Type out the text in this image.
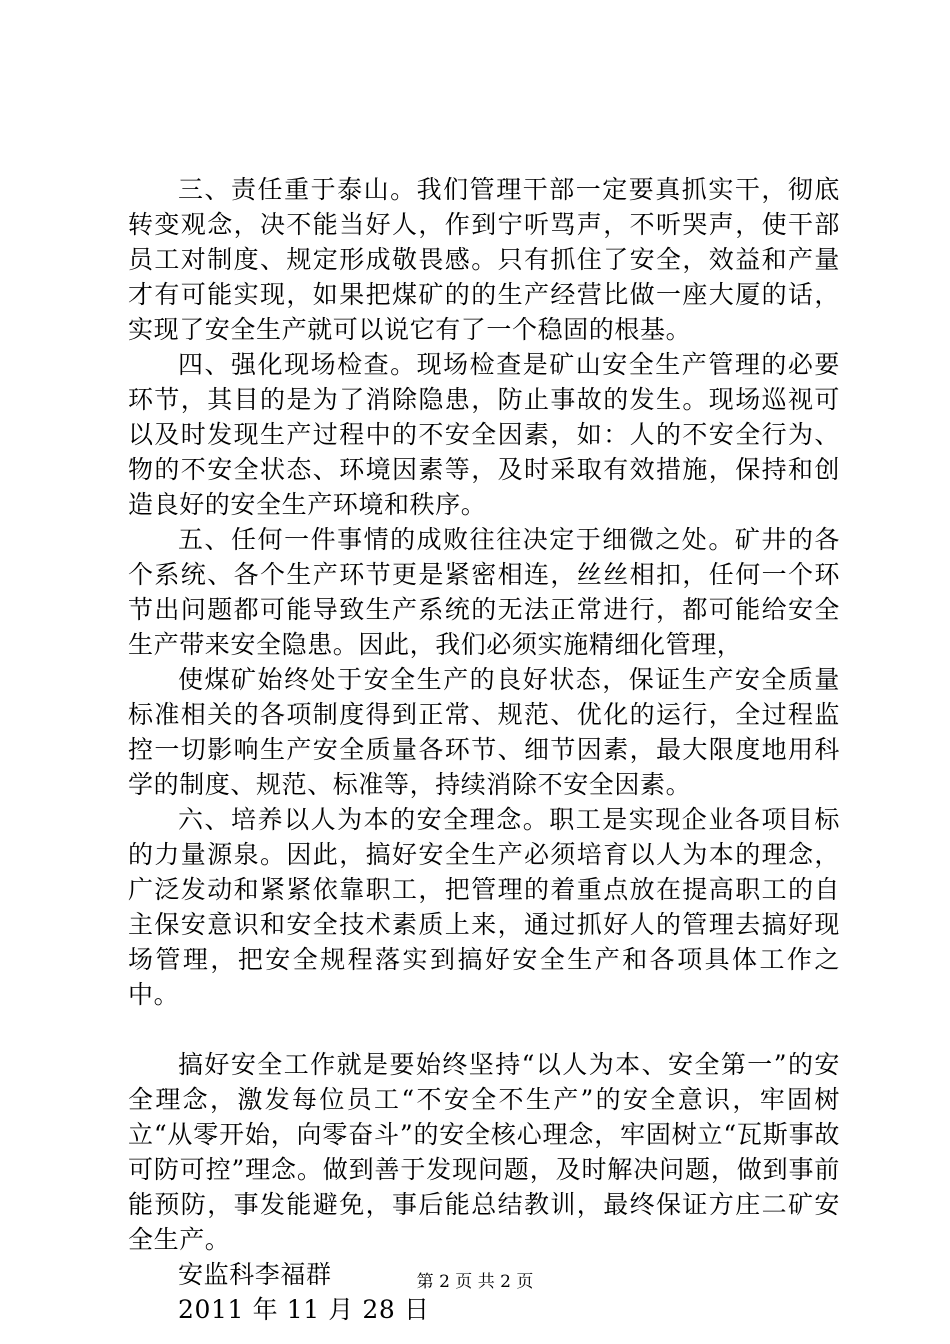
三、责任重于泰山。我们管理干部一定要真抓实干，彻底转变观念，决不能当好人，作到宁听骂声，不听哭声，使干部员工对制度、规定形成敬畏感。只有抓住了安全，效益和产量才有可能实现，如果把煤矿的的生产经营比做一座大厦的话，实现了安全生产就可以说它有了一个稳固的根基。

四、强化现场检查。现场检查是矿山安全生产管理的必要环节，其目的是为了消除隐患，防止事故的发生。现场巡视可以及时发现生产过程中的不安全因素，如：人的不安全行为、物的不安全状态、环境因素等，及时采取有效措施，保持和创造良好的安全生产环境和秩序。

五、任何一件事情的成败往往决定于细微之处。矿井的各个系统、各个生产环节更是紧密相连，丝丝相扣，任何一个环节出问题都可能导致生产系统的无法正常进行，都可能给安全生产带来安全隐患。因此，我们必须实施精细化管理，

使煤矿始终处于安全生产的良好状态，保证生产安全质量标准相关的各项制度得到正常、规范、优化的运行，全过程监控一切影响生产安全质量各环节、细节因素，最大限度地用科学的制度、规范、标准等，持续消除不安全因素。

六、培养以人为本的安全理念。职工是实现企业各项目标的力量源泉。因此，搞好安全生产必须培育以人为本的理念，广泛发动和紧紧依靠职工，把管理的着重点放在提高职工的自主保安意识和安全技术素质上来，通过抓好人的管理去搞好现场管理，把安全规程落实到搞好安全生产和各项具体工作之中。

搞好安全工作就是要始终坚持“以人为本、安全第一”的安全理念，激发每位员工“不安全不生产”的安全意识，牢固树立“从零开始，向零奋斗”的安全核心理念，牢固树立“瓦斯事故可防可控”理念。做到善于发现问题，及时解决问题，做到事前能预防，事发能避免，事后能总结教训，最终保证方庄二矿安全生产。

安监科李福群

2011 年 11 月 28 日

第 2 页 共 2 页
